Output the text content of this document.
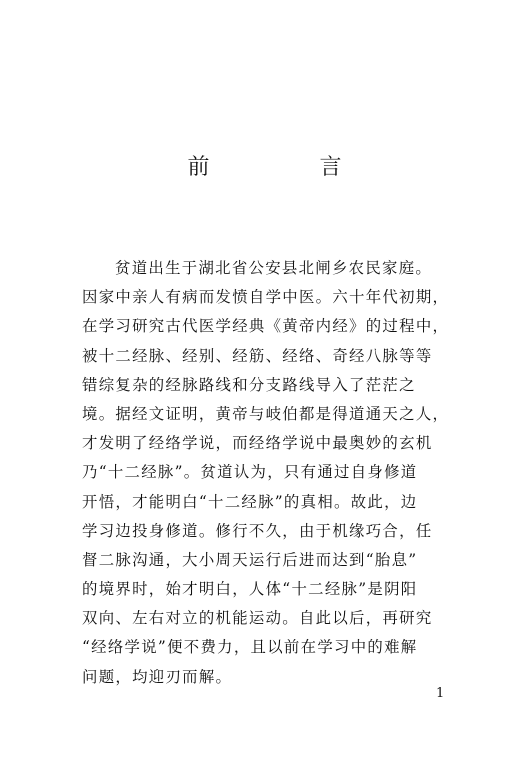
前　言
贫道出生于湖北省公安县北闸乡农民家庭。
因家中亲人有病而发愤自学中医。六十年代初期，
在学习研究古代医学经典《黄帝内经》的过程中，
被十二经脉、经别、经筋、经络、奇经八脉等等
错综复杂的经脉路线和分支路线导入了茫茫之
境。据经文证明，黄帝与岐伯都是得道通天之人，
才发明了经络学说，而经络学说中最奥妙的玄机
乃“十二经脉”。贫道认为，只有通过自身修道
开悟，才能明白“十二经脉”的真相。故此，边
学习边投身修道。修行不久，由于机缘巧合，任
督二脉沟通，大小周天运行后进而达到“胎息”
的境界时，始才明白，人体“十二经脉”是阴阳
双向、左右对立的机能运动。自此以后，再研究
“经络学说”便不费力，且以前在学习中的难解
问题，均迎刃而解。
1
